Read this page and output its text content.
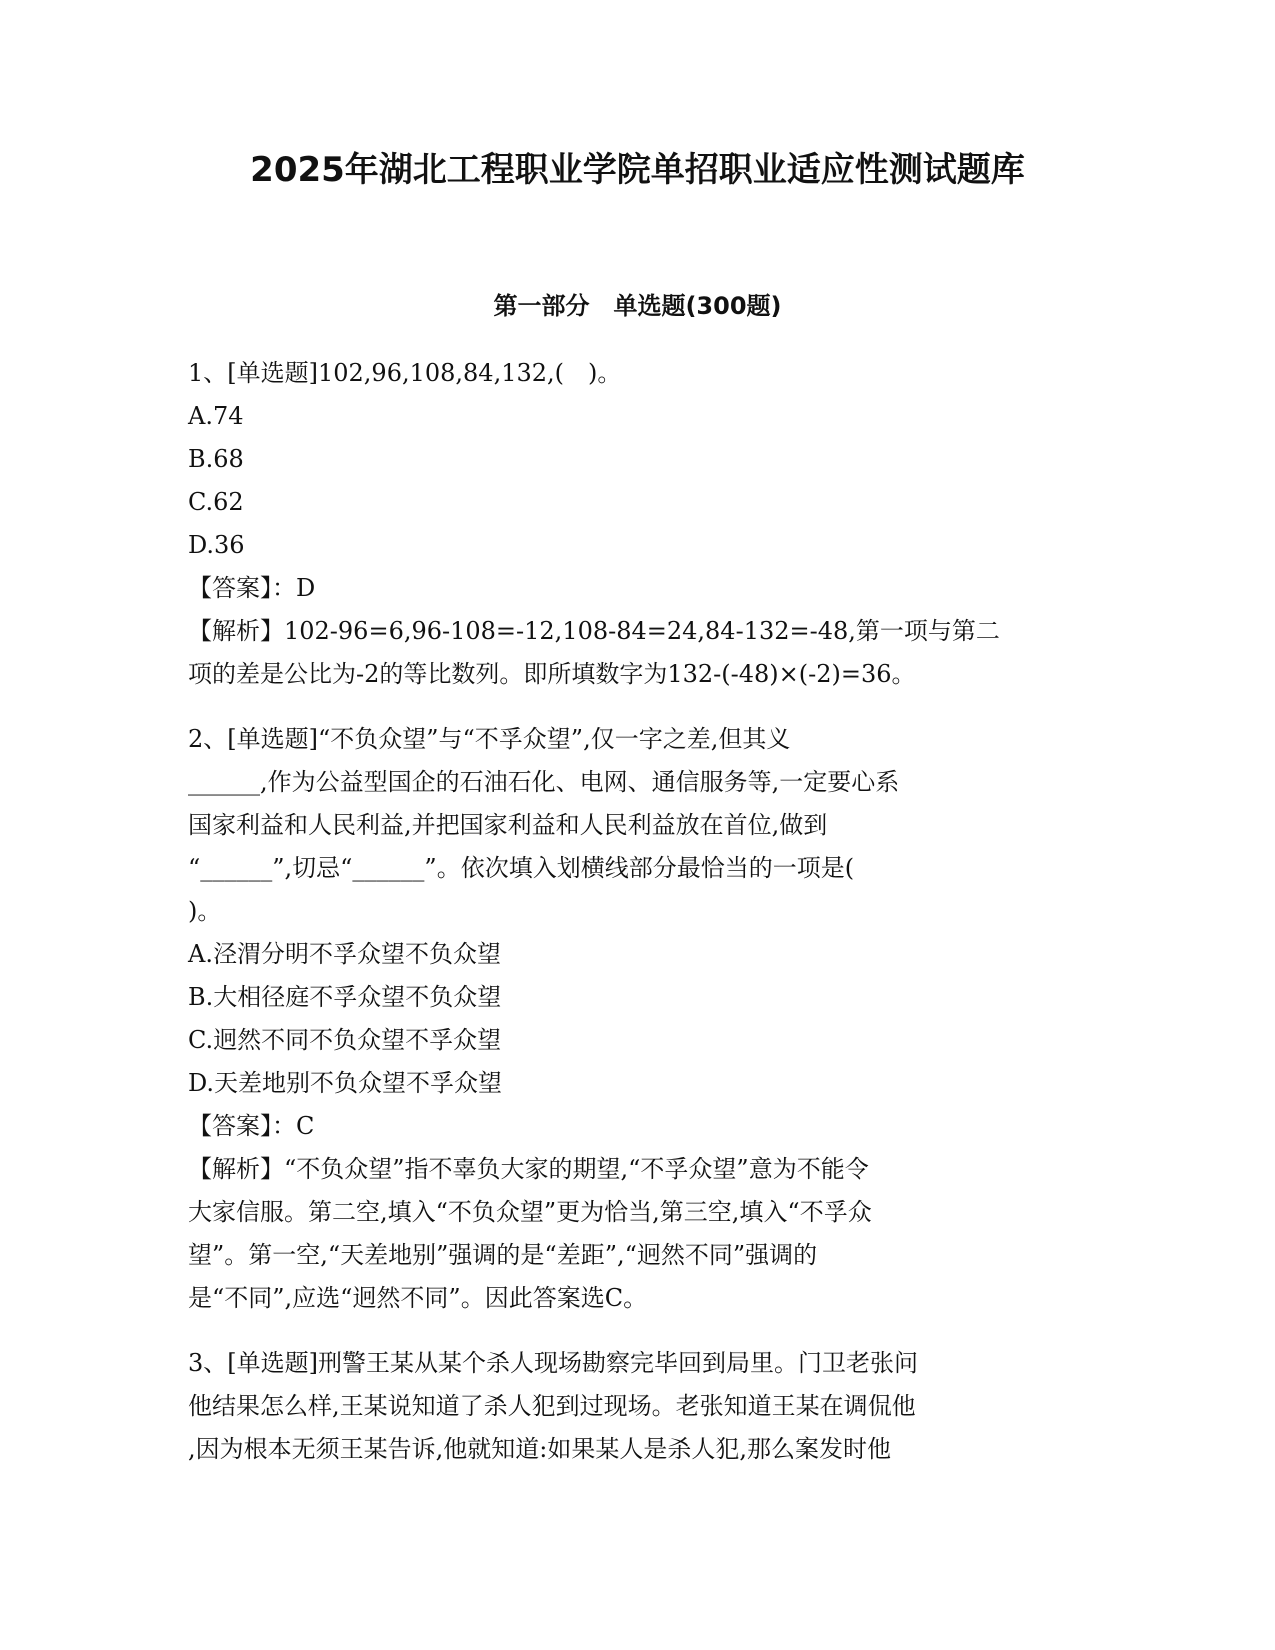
2025年湖北工程职业学院单招职业适应性测试题库
第一部分　单选题(300题)

1、[单选题]102,96,108,84,132,(　)。

A.74

B.68

C.62

D.36

【答案】：D

【解析】102-96=6,96-108=-12,108-84=24,84-132=-48,第一项与第二

项的差是公比为-2的等比数列。即所填数字为132-(-48)×(-2)=36。

2、[单选题]“不负众望”与“不孚众望”,仅一字之差,但其义

______,作为公益型国企的石油石化、电网、通信服务等,一定要心系

国家利益和人民利益,并把国家利益和人民利益放在首位,做到

“______”,切忌“______”。依次填入划横线部分最恰当的一项是(

)。

A.泾渭分明不孚众望不负众望

B.大相径庭不孚众望不负众望

C.迥然不同不负众望不孚众望

D.天差地别不负众望不孚众望

【答案】：C

【解析】“不负众望”指不辜负大家的期望,“不孚众望”意为不能令

大家信服。第二空,填入“不负众望”更为恰当,第三空,填入“不孚众

望”。第一空,“天差地别”强调的是“差距”,“迥然不同”强调的

是“不同”,应选“迥然不同”。因此答案选C。

3、[单选题]刑警王某从某个杀人现场勘察完毕回到局里。门卫老张问

他结果怎么样,王某说知道了杀人犯到过现场。老张知道王某在调侃他

,因为根本无须王某告诉,他就知道:如果某人是杀人犯,那么案发时他
